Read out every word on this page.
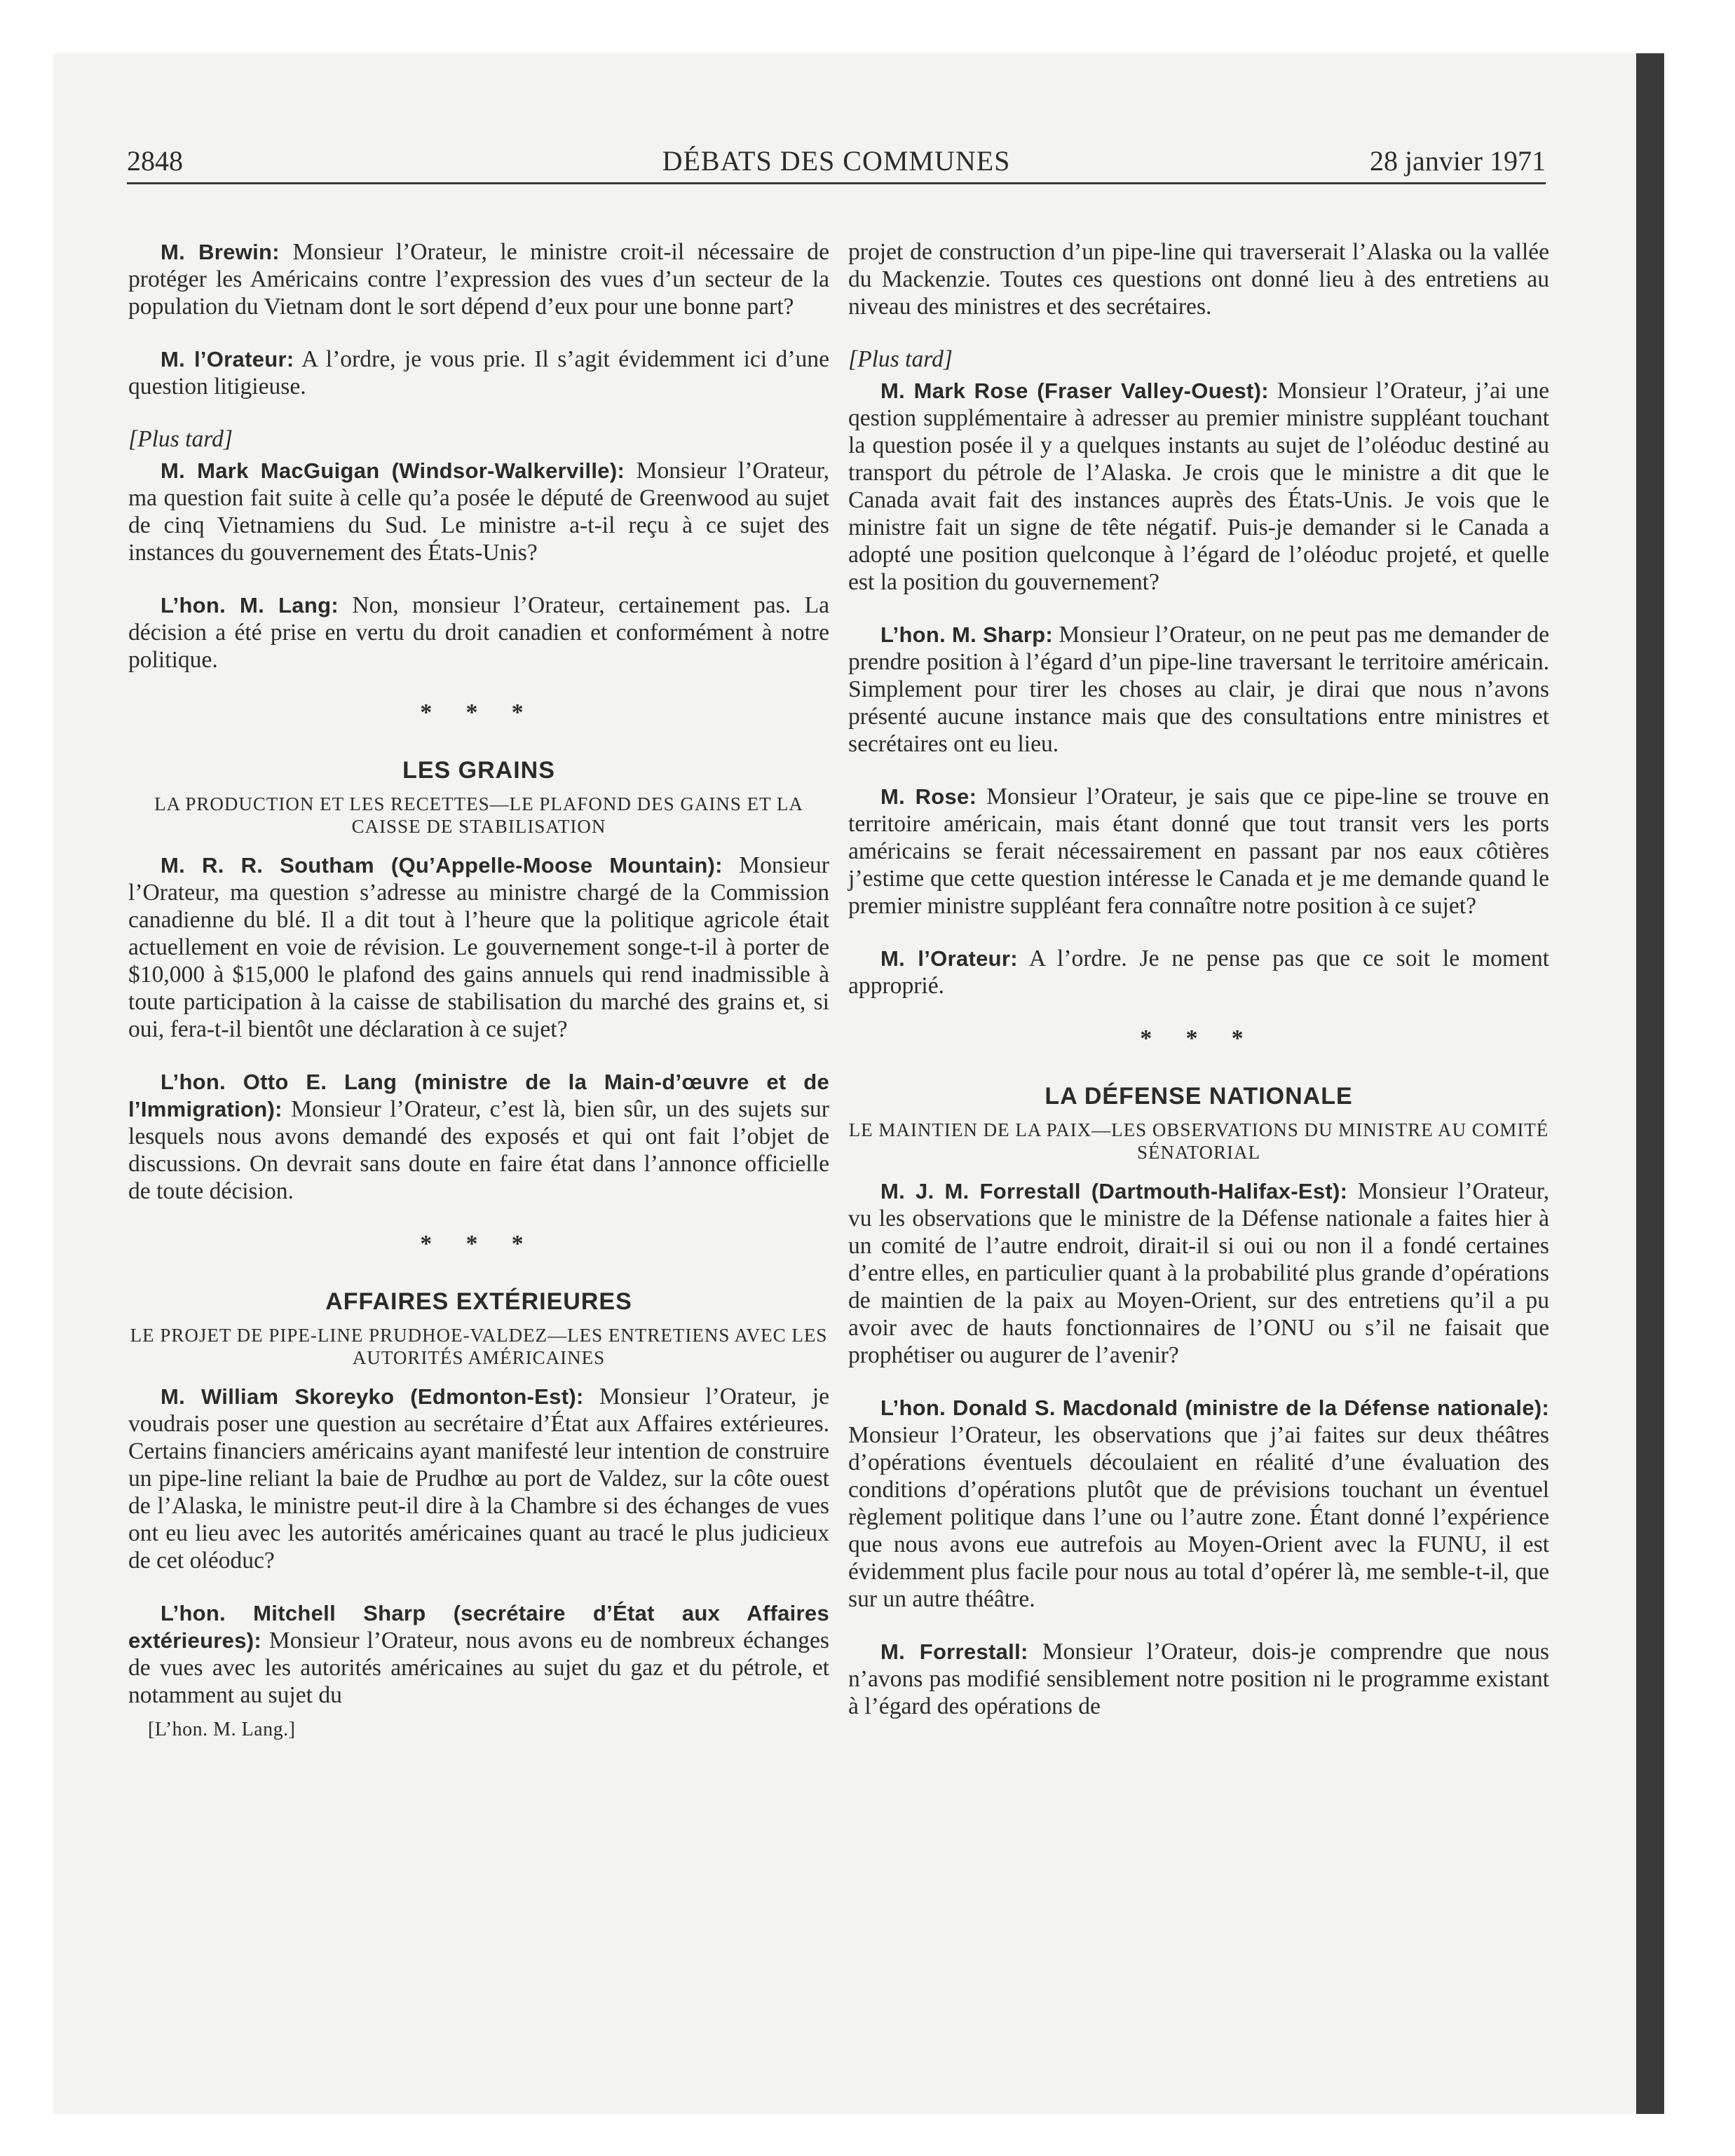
2848	DÉBATS DES COMMUNES	28 janvier 1971

M. Brewin: Monsieur l’Orateur, le ministre croit-il nécessaire de protéger les Américains contre l’expression des vues d’un secteur de la population du Vietnam dont le sort dépend d’eux pour une bonne part?

M. l’Orateur: A l’ordre, je vous prie. Il s’agit évidemment ici d’une question litigieuse.

[Plus tard]

M. Mark MacGuigan (Windsor-Walkerville): Monsieur l’Orateur, ma question fait suite à celle qu’a posée le député de Greenwood au sujet de cinq Vietnamiens du Sud. Le ministre a-t-il reçu à ce sujet des instances du gouvernement des États-Unis?

L’hon. M. Lang: Non, monsieur l’Orateur, certainement pas. La décision a été prise en vertu du droit canadien et conformément à notre politique.

* * *

LES GRAINS

LA PRODUCTION ET LES RECETTES—LE PLAFOND DES GAINS ET LA CAISSE DE STABILISATION

M. R. R. Southam (Qu’Appelle-Moose Mountain): Monsieur l’Orateur, ma question s’adresse au ministre chargé de la Commission canadienne du blé. Il a dit tout à l’heure que la politique agricole était actuellement en voie de révision. Le gouvernement songe-t-il à porter de $10,000 à $15,000 le plafond des gains annuels qui rend inadmissible à toute participation à la caisse de stabilisation du marché des grains et, si oui, fera-t-il bientôt une déclaration à ce sujet?

L’hon. Otto E. Lang (ministre de la Main-d’œuvre et de l’Immigration): Monsieur l’Orateur, c’est là, bien sûr, un des sujets sur lesquels nous avons demandé des exposés et qui ont fait l’objet de discussions. On devrait sans doute en faire état dans l’annonce officielle de toute décision.

* * *

AFFAIRES EXTÉRIEURES

LE PROJET DE PIPE-LINE PRUDHOE-VALDEZ—LES ENTRETIENS AVEC LES AUTORITÉS AMÉRICAINES

M. William Skoreyko (Edmonton-Est): Monsieur l’Orateur, je voudrais poser une question au secrétaire d’État aux Affaires extérieures. Certains financiers américains ayant manifesté leur intention de construire un pipe-line reliant la baie de Prudhœ au port de Valdez, sur la côte ouest de l’Alaska, le ministre peut-il dire à la Chambre si des échanges de vues ont eu lieu avec les autorités américaines quant au tracé le plus judicieux de cet oléoduc?

L’hon. Mitchell Sharp (secrétaire d’État aux Affaires extérieures): Monsieur l’Orateur, nous avons eu de nombreux échanges de vues avec les autorités américaines au sujet du gaz et du pétrole, et notamment au sujet du

[L’hon. M. Lang.]

projet de construction d’un pipe-line qui traverserait l’Alaska ou la vallée du Mackenzie. Toutes ces questions ont donné lieu à des entretiens au niveau des ministres et des secrétaires.

[Plus tard]

M. Mark Rose (Fraser Valley-Ouest): Monsieur l’Orateur, j’ai une qestion supplémentaire à adresser au premier ministre suppléant touchant la question posée il y a quelques instants au sujet de l’oléoduc destiné au transport du pétrole de l’Alaska. Je crois que le ministre a dit que le Canada avait fait des instances auprès des États-Unis. Je vois que le ministre fait un signe de tête négatif. Puis-je demander si le Canada a adopté une position quelconque à l’égard de l’oléoduc projeté, et quelle est la position du gouvernement?

L’hon. M. Sharp: Monsieur l’Orateur, on ne peut pas me demander de prendre position à l’égard d’un pipe-line traversant le territoire américain. Simplement pour tirer les choses au clair, je dirai que nous n’avons présenté aucune instance mais que des consultations entre ministres et secrétaires ont eu lieu.

M. Rose: Monsieur l’Orateur, je sais que ce pipe-line se trouve en territoire américain, mais étant donné que tout transit vers les ports américains se ferait nécessairement en passant par nos eaux côtières j’estime que cette question intéresse le Canada et je me demande quand le premier ministre suppléant fera connaître notre position à ce sujet?

M. l’Orateur: A l’ordre. Je ne pense pas que ce soit le moment approprié.

* * *

LA DÉFENSE NATIONALE

LE MAINTIEN DE LA PAIX—LES OBSERVATIONS DU MINISTRE AU COMITÉ SÉNATORIAL

M. J. M. Forrestall (Dartmouth-Halifax-Est): Monsieur l’Orateur, vu les observations que le ministre de la Défense nationale a faites hier à un comité de l’autre endroit, dirait-il si oui ou non il a fondé certaines d’entre elles, en particulier quant à la probabilité plus grande d’opérations de maintien de la paix au Moyen-Orient, sur des entretiens qu’il a pu avoir avec de hauts fonctionnaires de l’ONU ou s’il ne faisait que prophétiser ou augurer de l’avenir?

L’hon. Donald S. Macdonald (ministre de la Défense nationale): Monsieur l’Orateur, les observations que j’ai faites sur deux théâtres d’opérations éventuels découlaient en réalité d’une évaluation des conditions d’opérations plutôt que de prévisions touchant un éventuel règlement politique dans l’une ou l’autre zone. Étant donné l’expérience que nous avons eue autrefois au Moyen-Orient avec la FUNU, il est évidemment plus facile pour nous au total d’opérer là, me semble-t-il, que sur un autre théâtre.

M. Forrestall: Monsieur l’Orateur, dois-je comprendre que nous n’avons pas modifié sensiblement notre position ni le programme existant à l’égard des opérations de
